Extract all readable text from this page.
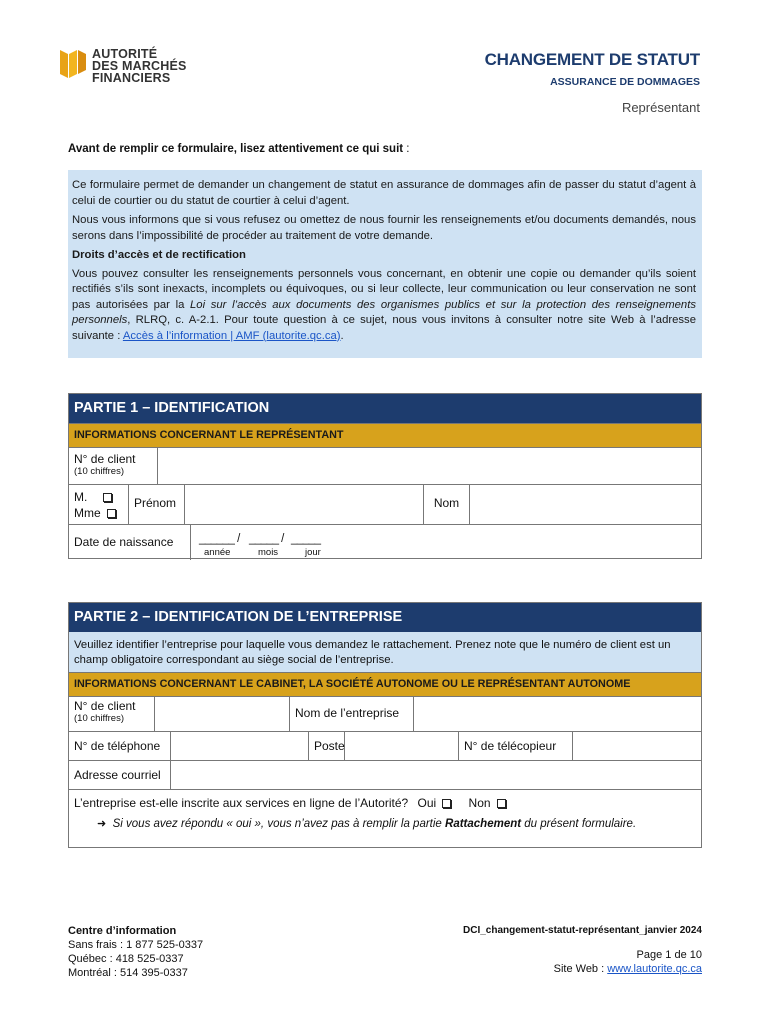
AUTORITÉ
DES MARCHÉS
FINANCIERS
CHANGEMENT DE STATUT
ASSURANCE DE DOMMAGES
Représentant
Avant de remplir ce formulaire, lisez attentivement ce qui suit :

Ce formulaire permet de demander un changement de statut en assurance de dommages afin de passer du statut d’agent à celui de courtier ou du statut de courtier à celui d’agent.

Nous vous informons que si vous refusez ou omettez de nous fournir les renseignements et/ou documents demandés, nous serons dans l’impossibilité de procéder au traitement de votre demande.

Droits d’accès et de rectification

Vous pouvez consulter les renseignements personnels vous concernant, en obtenir une copie ou demander qu’ils soient rectifiés s’ils sont inexacts, incomplets ou équivoques, ou si leur collecte, leur communication ou leur conservation ne sont pas autorisées par la Loi sur l’accès aux documents des organismes publics et sur la protection des renseignements personnels, RLRQ, c. A-2.1. Pour toute question à ce sujet, nous vous invitons à consulter notre site Web à l’adresse suivante : Accès à l’information | AMF (lautorite.qc.ca).

PARTIE 1 – IDENTIFICATION
INFORMATIONS CONCERNANT LE REPRÉSENTANT
N° de client
(10 chiffres)
M.
Mme
Prénom	Nom
Date de naissance	______ / _____ / _____
année	mois	jour
PARTIE 2 – IDENTIFICATION DE L’ENTREPRISE
Veuillez identifier l’entreprise pour laquelle vous demandez le rattachement. Prenez note que le numéro de client est un champ obligatoire correspondant au siège social de l’entreprise.
INFORMATIONS CONCERNANT LE CABINET, LA SOCIÉTÉ AUTONOME OU LE REPRÉSENTANT AUTONOME
N° de client
(10 chiffres)	Nom de l’entreprise
N° de téléphone	Poste	N° de télécopieur
Adresse courriel
L’entreprise est-elle inscrite aux services en ligne de l’Autorité? Oui	Non
➜ Si vous avez répondu « oui », vous n’avez pas à remplir la partie Rattachement du présent formulaire.
Centre d’information
Sans frais : 1 877 525-0337
Québec : 418 525-0337
Montréal : 514 395-0337
DCI_changement-statut-représentant_janvier 2024
Page 1 de 10
Site Web : www.lautorite.qc.ca
